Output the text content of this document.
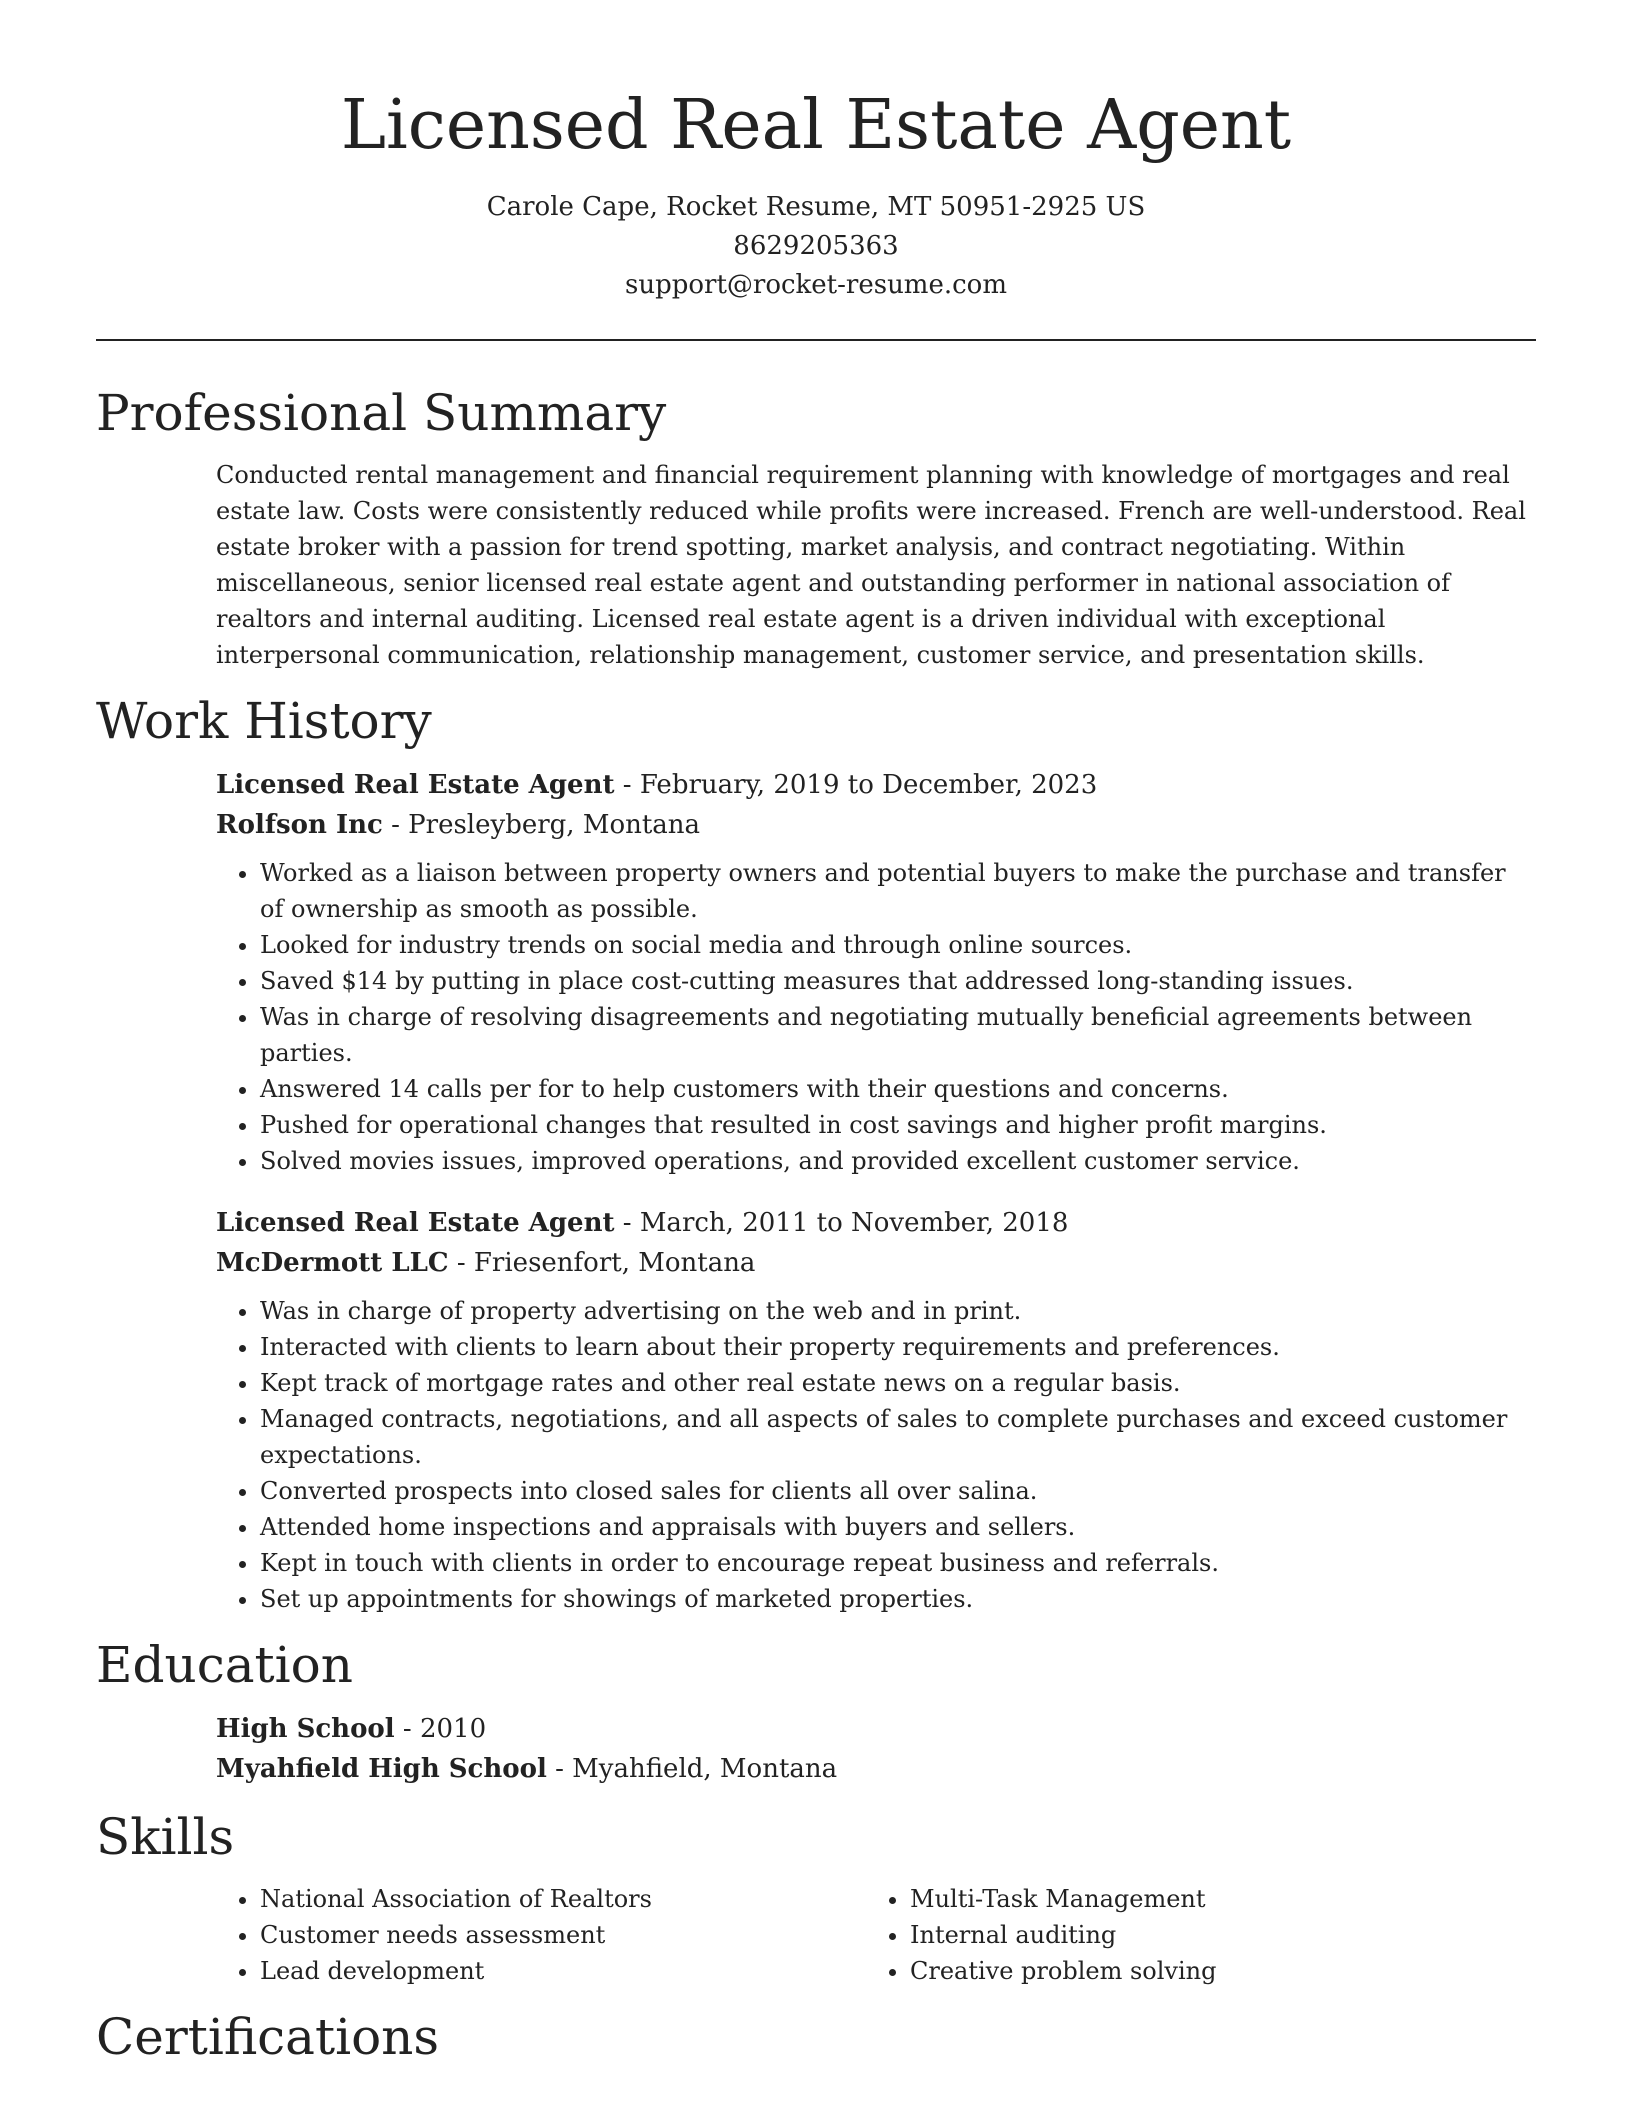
Licensed Real Estate Agent
Carole Cape, Rocket Resume, MT 50951-2925 US
8629205363
support@rocket-resume.com
Professional Summary

Conducted rental management and financial requirement planning with knowledge of mortgages and real estate law. Costs were consistently reduced while profits were increased. French are well-understood. Real estate broker with a passion for trend spotting, market analysis, and contract negotiating. Within miscellaneous, senior licensed real estate agent and outstanding performer in national association of realtors and internal auditing. Licensed real estate agent is a driven individual with exceptional interpersonal communication, relationship management, customer service, and presentation skills.

Work History
Licensed Real Estate Agent - February, 2019 to December, 2023
Rolfson Inc - Presleyberg, Montana
• Worked as a liaison between property owners and potential buyers to make the purchase and transfer of ownership as smooth as possible.
• Looked for industry trends on social media and through online sources.
• Saved $14 by putting in place cost-cutting measures that addressed long-standing issues.
• Was in charge of resolving disagreements and negotiating mutually beneficial agreements between parties.
• Answered 14 calls per for to help customers with their questions and concerns.
• Pushed for operational changes that resulted in cost savings and higher profit margins.
• Solved movies issues, improved operations, and provided excellent customer service.
Licensed Real Estate Agent - March, 2011 to November, 2018
McDermott LLC - Friesenfort, Montana
• Was in charge of property advertising on the web and in print.
• Interacted with clients to learn about their property requirements and preferences.
• Kept track of mortgage rates and other real estate news on a regular basis.
• Managed contracts, negotiations, and all aspects of sales to complete purchases and exceed customer expectations.
• Converted prospects into closed sales for clients all over salina.
• Attended home inspections and appraisals with buyers and sellers.
• Kept in touch with clients in order to encourage repeat business and referrals.
• Set up appointments for showings of marketed properties.
Education
High School - 2010
Myahfield High School - Myahfield, Montana
Skills
• National Association of Realtors
• Customer needs assessment
• Lead development
• Multi-Task Management
• Internal auditing
• Creative problem solving
Certifications
